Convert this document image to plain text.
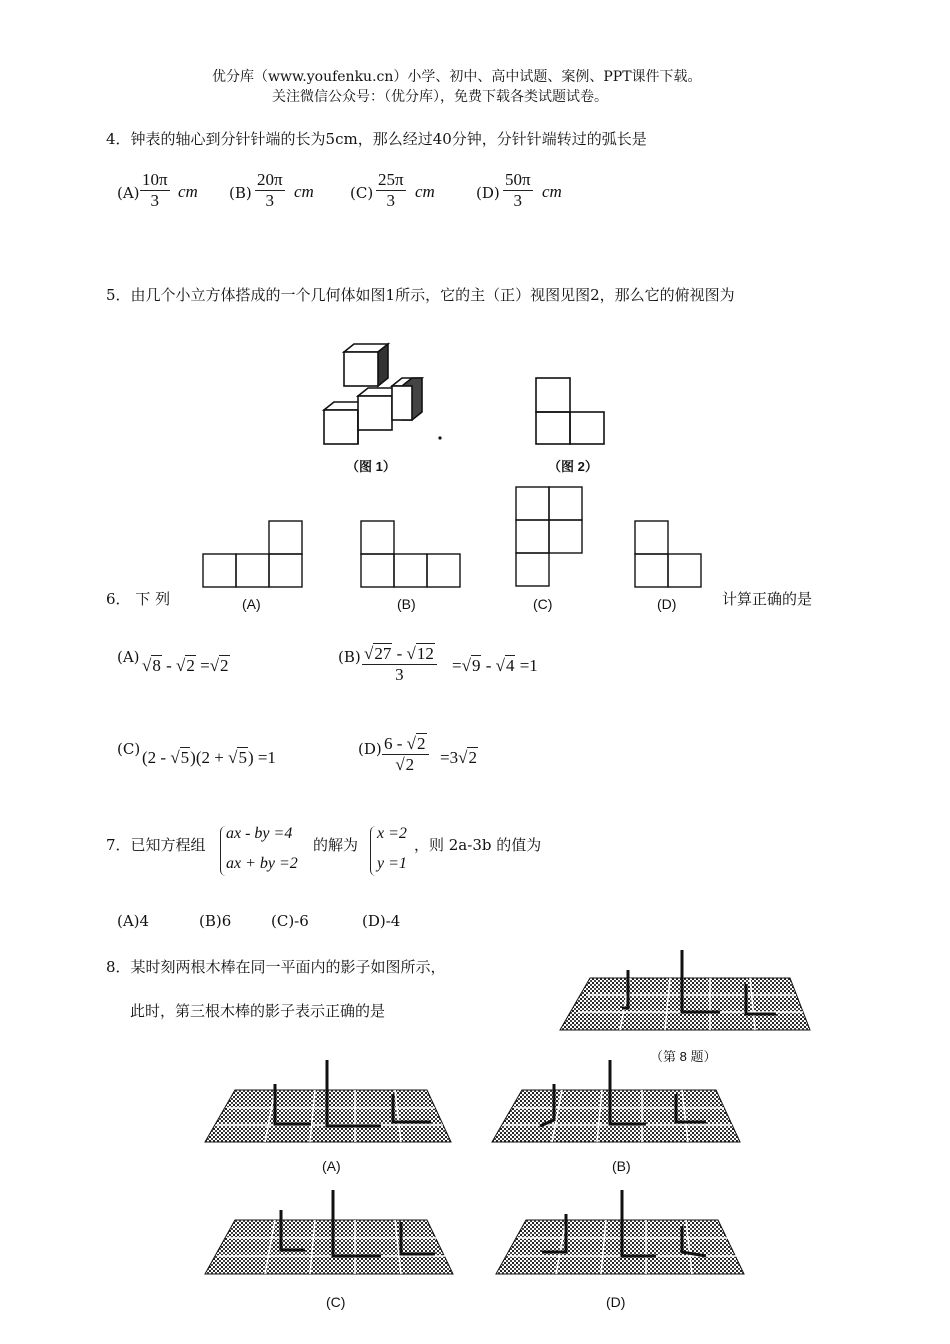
优分库（www.youfenku.cn）小学、初中、高中试题、案例、PPT课件下载。
关注微信公众号：（优分库），免费下载各类试题试卷。
4．钟表的轴心到分针针端的长为5cm，那么经过40分钟，分针针端转过的弧长是
(A)
10π
3 cm (B)
20π
3 cm (C)
25π
3 cm	(D)
50π
3 cm
5．由几个小立方体搭成的一个几何体如图1所示，它的主（正）视图见图2，那么它的俯视图为
（图 1）	（图 2）
(A)	(B)	(C)	(D)
6． 下 列	计算正确的是
(A) √8 - √2 =√2	(B) √27 - √12
3	=√9 - √4 =1
(C) (2 - √5)(2 + √5) =1	(D) 6 - √2
√2 =3√2
7．已知方程组
ax - by =4
ax + by =2
的解为
x =2
y =1
，则 2a-3b 的值为
(A)4	(B)6	(C)-6	(D)-4
8．某时刻两根木棒在同一平面内的影子如图所示，
此时，第三根木棒的影子表示正确的是
（第 8 题）
(A)	(B)
(C)	(D)
